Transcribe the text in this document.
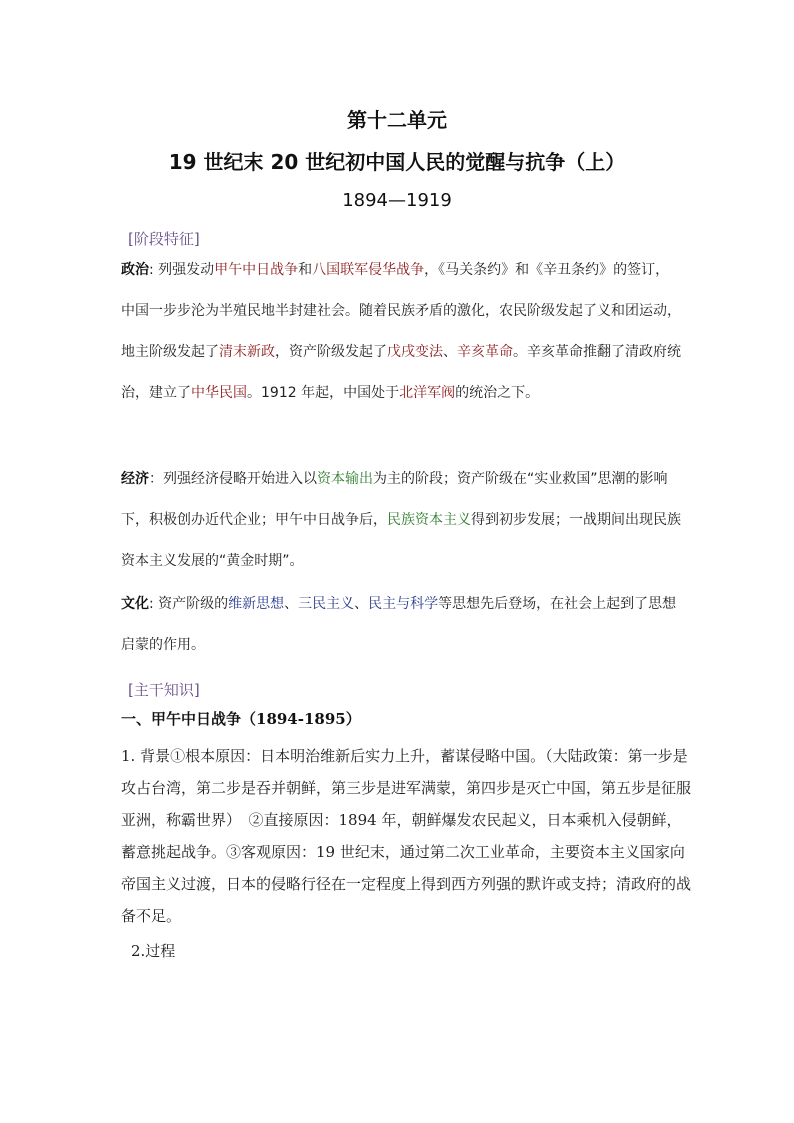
第十二单元
19 世纪末 20 世纪初中国人民的觉醒与抗争（上）
1894—1919
[阶段特征]
政治: 列强发动甲午中日战争和八国联军侵华战争，《马关条约》和《辛丑条约》的签订，中国一步步沦为半殖民地半封建社会。随着民族矛盾的激化，农民阶级发起了义和团运动，地主阶级发起了清末新政，资产阶级发起了戊戌变法、辛亥革命。辛亥革命推翻了清政府统治，建立了中华民国。1912 年起，中国处于北洋军阀的统治之下。
经济：列强经济侵略开始进入以资本输出为主的阶段；资产阶级在“实业救国”思潮的影响下，积极创办近代企业；甲午中日战争后，民族资本主义得到初步发展；一战期间出现民族资本主义发展的“黄金时期”。
文化: 资产阶级的维新思想、三民主义、民主与科学等思想先后登场，在社会上起到了思想启蒙的作用。
[主干知识]
一、甲午中日战争（1894-1895）
1. 背景①根本原因：日本明治维新后实力上升，蓄谋侵略中国。（大陆政策：第一步是攻占台湾，第二步是吞并朝鲜，第三步是进军满蒙，第四步是灭亡中国，第五步是征服亚洲，称霸世界）　②直接原因：1894 年，朝鲜爆发农民起义，日本乘机入侵朝鲜，蓄意挑起战争。③客观原因：19 世纪末，通过第二次工业革命，主要资本主义国家向帝国主义过渡，日本的侵略行径在一定程度上得到西方列强的默许或支持；清政府的战备不足。
2.过程
